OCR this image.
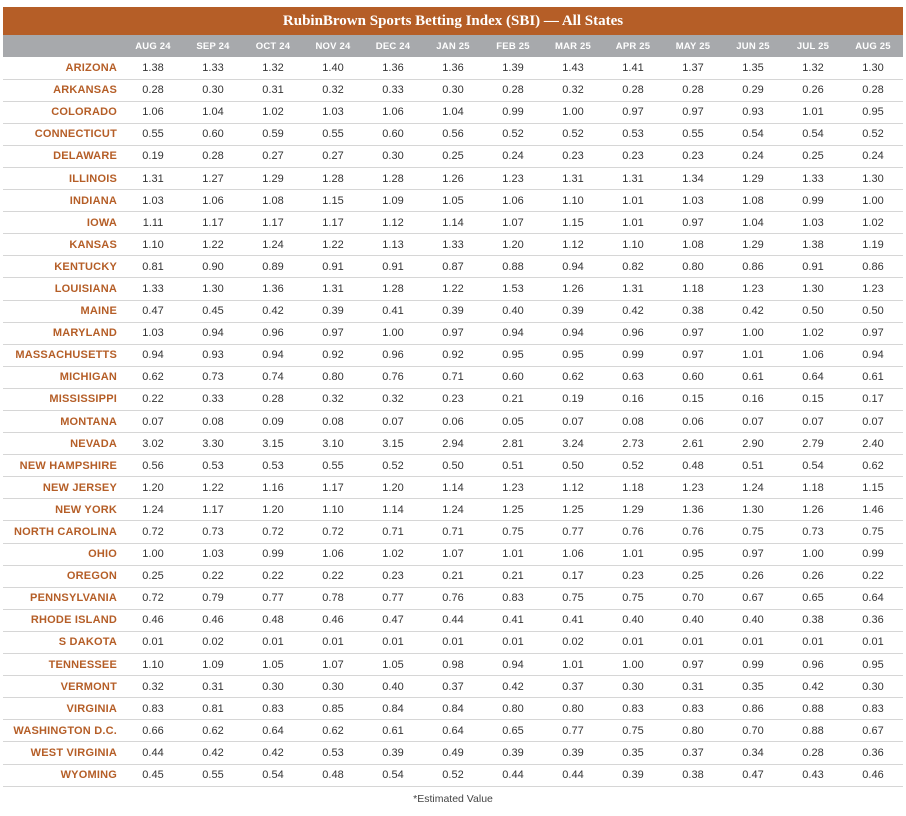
RubinBrown Sports Betting Index (SBI) — All States
	AUG 24	SEP 24	OCT 24	NOV 24	DEC 24	JAN 25	FEB 25	MAR 25	APR 25	MAY 25	JUN 25	JUL 25	AUG 25
ARIZONA	1.38	1.33	1.32	1.40	1.36	1.36	1.39	1.43	1.41	1.37	1.35	1.32	1.30
ARKANSAS	0.28	0.30	0.31	0.32	0.33	0.30	0.28	0.32	0.28	0.28	0.29	0.26	0.28
COLORADO	1.06	1.04	1.02	1.03	1.06	1.04	0.99	1.00	0.97	0.97	0.93	1.01	0.95
CONNECTICUT	0.55	0.60	0.59	0.55	0.60	0.56	0.52	0.52	0.53	0.55	0.54	0.54	0.52
DELAWARE	0.19	0.28	0.27	0.27	0.30	0.25	0.24	0.23	0.23	0.23	0.24	0.25	0.24
ILLINOIS	1.31	1.27	1.29	1.28	1.28	1.26	1.23	1.31	1.31	1.34	1.29	1.33	1.30
INDIANA	1.03	1.06	1.08	1.15	1.09	1.05	1.06	1.10	1.01	1.03	1.08	0.99	1.00
IOWA	1.11	1.17	1.17	1.17	1.12	1.14	1.07	1.15	1.01	0.97	1.04	1.03	1.02
KANSAS	1.10	1.22	1.24	1.22	1.13	1.33	1.20	1.12	1.10	1.08	1.29	1.38	1.19
KENTUCKY	0.81	0.90	0.89	0.91	0.91	0.87	0.88	0.94	0.82	0.80	0.86	0.91	0.86
LOUISIANA	1.33	1.30	1.36	1.31	1.28	1.22	1.53	1.26	1.31	1.18	1.23	1.30	1.23
MAINE	0.47	0.45	0.42	0.39	0.41	0.39	0.40	0.39	0.42	0.38	0.42	0.50	0.50
MARYLAND	1.03	0.94	0.96	0.97	1.00	0.97	0.94	0.94	0.96	0.97	1.00	1.02	0.97
MASSACHUSETTS	0.94	0.93	0.94	0.92	0.96	0.92	0.95	0.95	0.99	0.97	1.01	1.06	0.94
MICHIGAN	0.62	0.73	0.74	0.80	0.76	0.71	0.60	0.62	0.63	0.60	0.61	0.64	0.61
MISSISSIPPI	0.22	0.33	0.28	0.32	0.32	0.23	0.21	0.19	0.16	0.15	0.16	0.15	0.17
MONTANA	0.07	0.08	0.09	0.08	0.07	0.06	0.05	0.07	0.08	0.06	0.07	0.07	0.07
NEVADA	3.02	3.30	3.15	3.10	3.15	2.94	2.81	3.24	2.73	2.61	2.90	2.79	2.40
NEW HAMPSHIRE	0.56	0.53	0.53	0.55	0.52	0.50	0.51	0.50	0.52	0.48	0.51	0.54	0.62
NEW JERSEY	1.20	1.22	1.16	1.17	1.20	1.14	1.23	1.12	1.18	1.23	1.24	1.18	1.15
NEW YORK	1.24	1.17	1.20	1.10	1.14	1.24	1.25	1.25	1.29	1.36	1.30	1.26	1.46
NORTH CAROLINA	0.72	0.73	0.72	0.72	0.71	0.71	0.75	0.77	0.76	0.76	0.75	0.73	0.75
OHIO	1.00	1.03	0.99	1.06	1.02	1.07	1.01	1.06	1.01	0.95	0.97	1.00	0.99
OREGON	0.25	0.22	0.22	0.22	0.23	0.21	0.21	0.17	0.23	0.25	0.26	0.26	0.22
PENNSYLVANIA	0.72	0.79	0.77	0.78	0.77	0.76	0.83	0.75	0.75	0.70	0.67	0.65	0.64
RHODE ISLAND	0.46	0.46	0.48	0.46	0.47	0.44	0.41	0.41	0.40	0.40	0.40	0.38	0.36
S DAKOTA	0.01	0.02	0.01	0.01	0.01	0.01	0.01	0.02	0.01	0.01	0.01	0.01	0.01
TENNESSEE	1.10	1.09	1.05	1.07	1.05	0.98	0.94	1.01	1.00	0.97	0.99	0.96	0.95
VERMONT	0.32	0.31	0.30	0.30	0.40	0.37	0.42	0.37	0.30	0.31	0.35	0.42	0.30
VIRGINIA	0.83	0.81	0.83	0.85	0.84	0.84	0.80	0.80	0.83	0.83	0.86	0.88	0.83
WASHINGTON D.C.	0.66	0.62	0.64	0.62	0.61	0.64	0.65	0.77	0.75	0.80	0.70	0.88	0.67
WEST VIRGINIA	0.44	0.42	0.42	0.53	0.39	0.49	0.39	0.39	0.35	0.37	0.34	0.28	0.36
WYOMING	0.45	0.55	0.54	0.48	0.54	0.52	0.44	0.44	0.39	0.38	0.47	0.43	0.46
*Estimated Value
